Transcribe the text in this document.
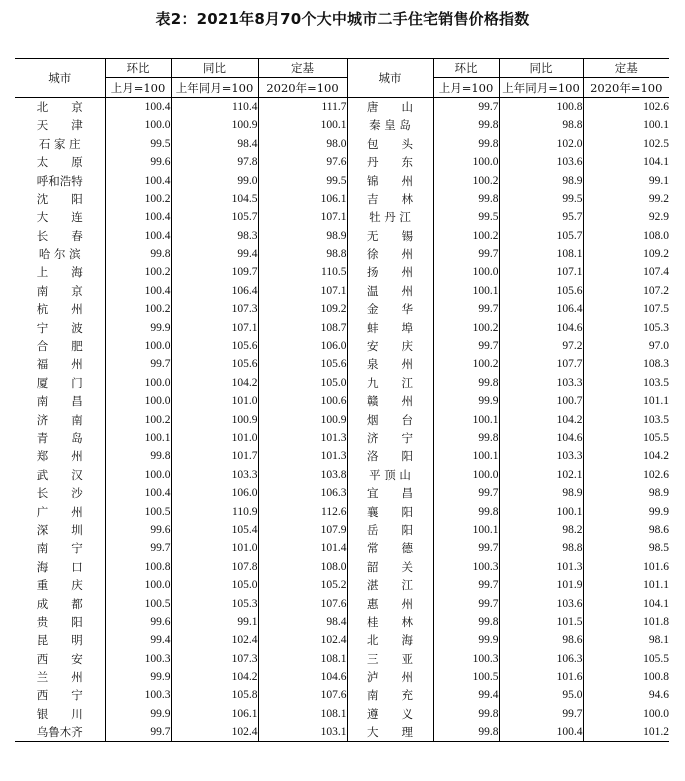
表2：2021年8月70个大中城市二手住宅销售价格指数
城市	环比	同比	定基	城市	环比	同比	定基
	上月=100	上年同月=100	2020年=100		上月=100	上年同月=100	2020年=100
北　　京	100.4	110.4	111.7	唐　　山	99.7	100.8	102.6
天　　津	100.0	100.9	100.1	秦 皇 岛	99.8	98.8	100.1
石 家 庄	99.5	98.4	98.0	包　　头	99.8	102.0	102.5
太　　原	99.6	97.8	97.6	丹　　东	100.0	103.6	104.1
呼和浩特	100.4	99.0	99.5	锦　　州	100.2	98.9	99.1
沈　　阳	100.2	104.5	106.1	吉　　林	99.8	99.5	99.2
大　　连	100.4	105.7	107.1	牡 丹 江	99.5	95.7	92.9
长　　春	100.4	98.3	98.9	无　　锡	100.2	105.7	108.0
哈 尔 滨	99.8	99.4	98.8	徐　　州	99.7	108.1	109.2
上　　海	100.2	109.7	110.5	扬　　州	100.0	107.1	107.4
南　　京	100.4	106.4	107.1	温　　州	100.1	105.6	107.2
杭　　州	100.2	107.3	109.2	金　　华	99.7	106.4	107.5
宁　　波	99.9	107.1	108.7	蚌　　埠	100.2	104.6	105.3
合　　肥	100.0	105.6	106.0	安　　庆	99.7	97.2	97.0
福　　州	99.7	105.6	105.6	泉　　州	100.2	107.7	108.3
厦　　门	100.0	104.2	105.0	九　　江	99.8	103.3	103.5
南　　昌	100.0	101.0	100.6	赣　　州	99.9	100.7	101.1
济　　南	100.2	100.9	100.9	烟　　台	100.1	104.2	103.5
青　　岛	100.1	101.0	101.3	济　　宁	99.8	104.6	105.5
郑　　州	99.8	101.7	101.3	洛　　阳	100.1	103.3	104.2
武　　汉	100.0	103.3	103.8	平 顶 山	100.0	102.1	102.6
长　　沙	100.4	106.0	106.3	宜　　昌	99.7	98.9	98.9
广　　州	100.5	110.9	112.6	襄　　阳	99.8	100.1	99.9
深　　圳	99.6	105.4	107.9	岳　　阳	100.1	98.2	98.6
南　　宁	99.7	101.0	101.4	常　　德	99.7	98.8	98.5
海　　口	100.8	107.8	108.0	韶　　关	100.3	101.3	101.6
重　　庆	100.0	105.0	105.2	湛　　江	99.7	101.9	101.1
成　　都	100.5	105.3	107.6	惠　　州	99.7	103.6	104.1
贵　　阳	99.6	99.1	98.4	桂　　林	99.8	101.5	101.8
昆　　明	99.4	102.4	102.4	北　　海	99.9	98.6	98.1
西　　安	100.3	107.3	108.1	三　　亚	100.3	106.3	105.5
兰　　州	99.9	104.2	104.6	泸　　州	100.5	101.6	100.8
西　　宁	100.3	105.8	107.6	南　　充	99.4	95.0	94.6
银　　川	99.9	106.1	108.1	遵　　义	99.8	99.7	100.0
乌鲁木齐	99.7	102.4	103.1	大　　理	99.8	100.4	101.2
